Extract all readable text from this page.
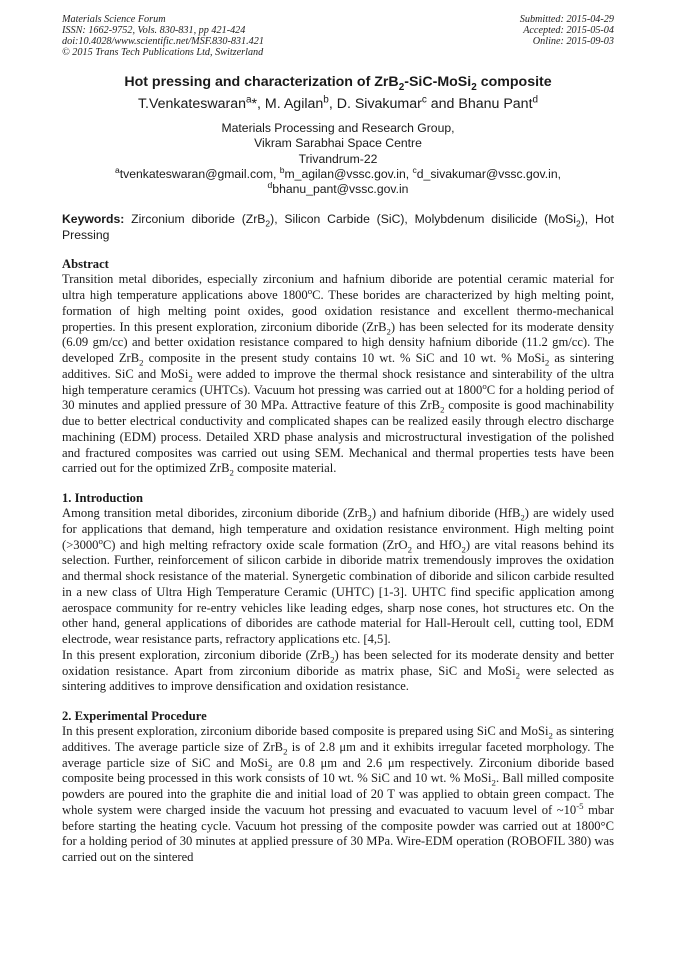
Materials Science Forum
ISSN: 1662-9752, Vols. 830-831, pp 421-424
doi:10.4028/www.scientific.net/MSF.830-831.421
© 2015 Trans Tech Publications Ltd, Switzerland
Submitted: 2015-04-29
Accepted: 2015-05-04
Online: 2015-09-03
Hot pressing and characterization of ZrB$_2$-SiC-MoSi$_2$ composite
T.Venkateswaran$^a$*, M. Agilan$^b$, D. Sivakumar$^c$ and Bhanu Pant$^d$
Materials Processing and Research Group,
Vikram Sarabhai Space Centre
Trivandrum-22
$^a$tvenkateswaran@gmail.com, $^b$m_agilan@vssc.gov.in, $^c$d_sivakumar@vssc.gov.in,
$^d$bhanu_pant@vssc.gov.in
Keywords: Zirconium diboride (ZrB$_2$), Silicon Carbide (SiC), Molybdenum disilicide (MoSi$_2$), Hot Pressing
Abstract

Transition metal diborides, especially zirconium and hafnium diboride are potential ceramic material for ultra high temperature applications above 1800$^o$C. These borides are characterized by high melting point, formation of high melting point oxides, good oxidation resistance and excellent thermo-mechanical properties. In this present exploration, zirconium diboride (ZrB$_2$) has been selected for its moderate density (6.09 gm/cc) and better oxidation resistance compared to high density hafnium diboride (11.2 gm/cc). The developed ZrB$_2$ composite in the present study contains 10 wt. % SiC and 10 wt. % MoSi$_2$ as sintering additives. SiC and MoSi$_2$ were added to improve the thermal shock resistance and sinterability of the ultra high temperature ceramics (UHTCs). Vacuum hot pressing was carried out at 1800$^o$C for a holding period of 30 minutes and applied pressure of 30 MPa. Attractive feature of this ZrB$_2$ composite is good machinability due to better electrical conductivity and complicated shapes can be realized easily through electro discharge machining (EDM) process. Detailed XRD phase analysis and microstructural investigation of the polished and fractured composites was carried out using SEM. Mechanical and thermal properties tests have been carried out for the optimized ZrB$_2$ composite material.

1. Introduction

Among transition metal diborides, zirconium diboride (ZrB$_2$) and hafnium diboride (HfB$_2$) are widely used for applications that demand, high temperature and oxidation resistance environment. High melting point $(>3000^oC)$ and high melting refractory oxide scale formation (ZrO$_2$ and HfO$_2$) are vital reasons behind its selection. Further, reinforcement of silicon carbide in diboride matrix tremendously improves the oxidation and thermal shock resistance of the material. Synergetic combination of diboride and silicon carbide resulted in a new class of Ultra High Temperature Ceramic (UHTC) [1-3]. UHTC find specific application among aerospace community for re-entry vehicles like leading edges, sharp nose cones, hot structures etc. On the other hand, general applications of diborides are cathode material for Hall-Heroult cell, cutting tool, EDM electrode, wear resistance parts, refractory applications etc. [4,5].

In this present exploration, zirconium diboride (ZrB$_2$) has been selected for its moderate density and better oxidation resistance. Apart from zirconium diboride as matrix phase, SiC and MoSi$_2$ were selected as sintering additives to improve densification and oxidation resistance.

2. Experimental Procedure

In this present exploration, zirconium diboride based composite is prepared using SiC and MoSi$_2$ as sintering additives. The average particle size of ZrB$_2$ is of 2.8 μm and it exhibits irregular faceted morphology. The average particle size of SiC and MoSi$_2$ are 0.8 μm and 2.6 μm respectively. Zirconium diboride based composite being processed in this work consists of 10 wt. % SiC and 10 wt. % MoSi$_2$. Ball milled composite powders are poured into the graphite die and initial load of 20 T was applied to obtain green compact. The whole system were charged inside the vacuum hot pressing and evacuated to vacuum level of $\sim 10^{-5}$ mbar before starting the heating cycle. Vacuum hot pressing of the composite powder was carried out at 1800°C for a holding period of 30 minutes at applied pressure of 30 MPa. Wire-EDM operation (ROBOFIL 380) was carried out on the sintered
